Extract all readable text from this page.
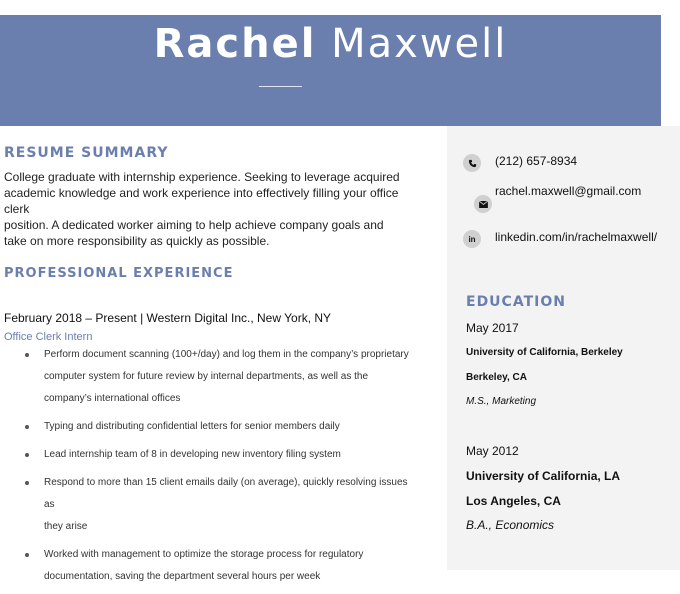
Rachel Maxwell
RESUME SUMMARY
College graduate with internship experience. Seeking to leverage acquired
academic knowledge and work experience into effectively filling your office clerk
position. A dedicated worker aiming to help achieve company goals and
take on more responsibility as quickly as possible.
PROFESSIONAL EXPERIENCE
February 2018 – Present | Western Digital Inc., New York, NY
Office Clerk Intern
Perform document scanning (100+/day) and log them in the company’s proprietary
computer system for future review by internal departments, as well as the
company’s international offices
Typing and distributing confidential letters for senior members daily
Lead internship team of 8 in developing new inventory filing system
Respond to more than 15 client emails daily (on average), quickly resolving issues as
they arise
Worked with management to optimize the storage process for regulatory
documentation, saving the department several hours per week
(212) 657-8934
rachel.maxwell@gmail.com
in linkedin.com/in/rachelmaxwell/
EDUCATION
May 2017
University of California, Berkeley
Berkeley, CA
M.S., Marketing
May 2012
University of California, LA
Los Angeles, CA
B.A., Economics
